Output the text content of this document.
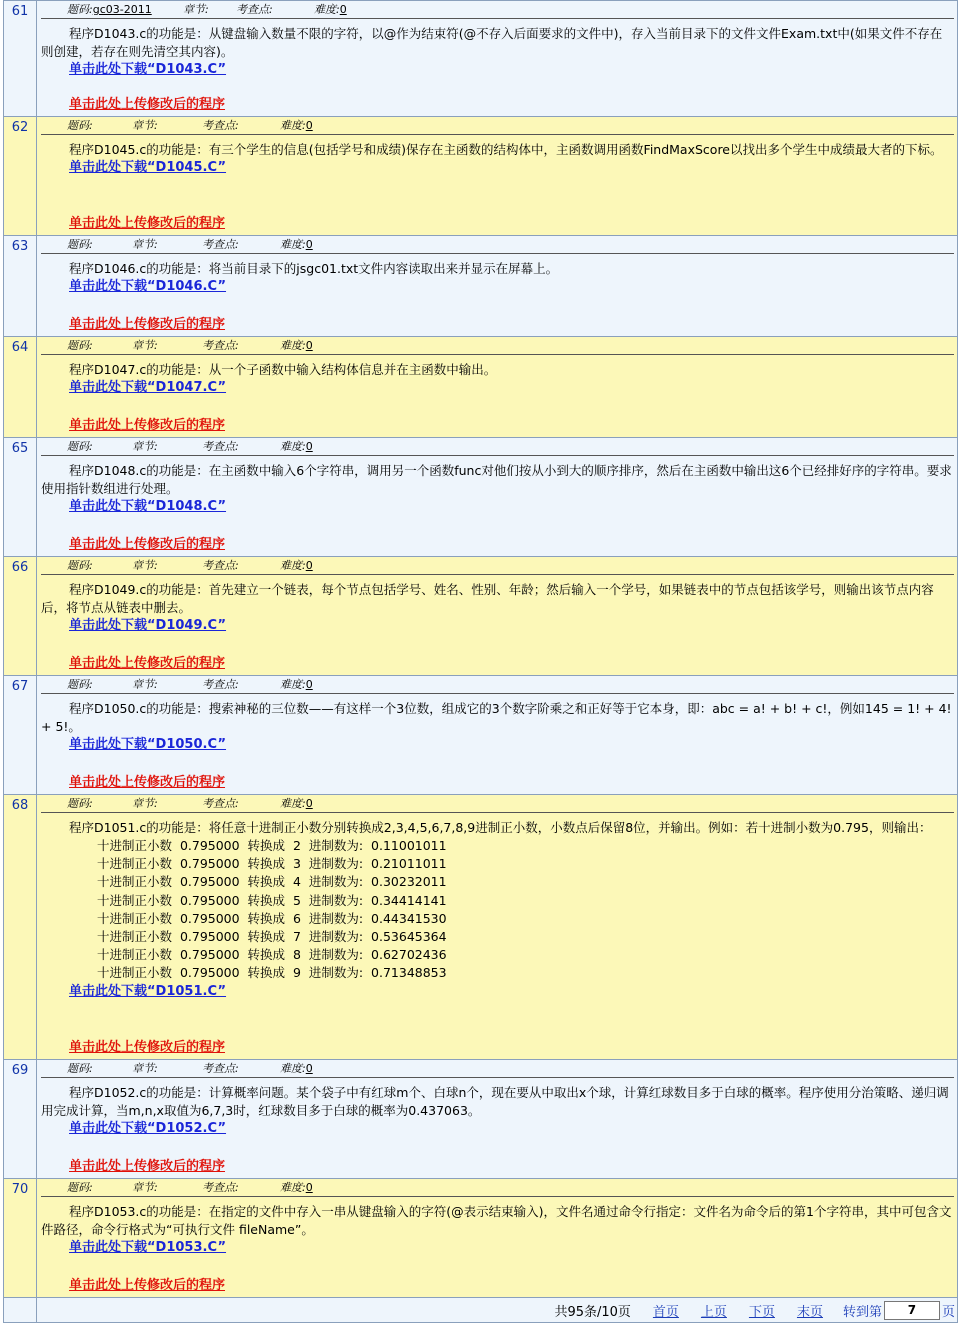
61	题码:gc03-2011	章节: 考查点:	难度:0
程序D1043.c的功能是：从键盘输入数量不限的字符，以@作为结束符(@不存入后面要求的文件中)，存入当前目录下的文件文件Exam.txt中(如果文件不存在则创建，若存在则先清空其内容)。
单击此处下载“D1043.C”
单击此处上传修改后的程序
62	题码:	章节:	考查点:	难度:0
程序D1045.c的功能是：有三个学生的信息(包括学号和成绩)保存在主函数的结构体中，主函数调用函数FindMaxScore以找出多个学生中成绩最大者的下标。
单击此处下载“D1045.C”
单击此处上传修改后的程序
63	题码:	章节:	考查点:	难度:0
程序D1046.c的功能是：将当前目录下的jsgc01.txt文件内容读取出来并显示在屏幕上。
单击此处下载“D1046.C”
单击此处上传修改后的程序
64	题码:	章节:	考查点:	难度:0
程序D1047.c的功能是：从一个子函数中输入结构体信息并在主函数中输出。
单击此处下载“D1047.C”
单击此处上传修改后的程序
65	题码:	章节:	考查点:	难度:0
程序D1048.c的功能是：在主函数中输入6个字符串，调用另一个函数func对他们按从小到大的顺序排序，然后在主函数中输出这6个已经排好序的字符串。要求使用指针数组进行处理。
单击此处下载“D1048.C”
单击此处上传修改后的程序
66	题码:	章节:	考查点:	难度:0
程序D1049.c的功能是：首先建立一个链表，每个节点包括学号、姓名、性别、年龄；然后输入一个学号，如果链表中的节点包括该学号，则输出该节点内容后，将节点从链表中删去。
单击此处下载“D1049.C”
单击此处上传修改后的程序
67	题码:	章节:	考查点:	难度:0
程序D1050.c的功能是：搜索神秘的三位数——有这样一个3位数，组成它的3个数字阶乘之和正好等于它本身，即：abc = a! + b! + c!，例如145 = 1! + 4! + 5!。
单击此处下载“D1050.C”
单击此处上传修改后的程序
68	题码:	章节:	考查点:	难度:0
程序D1051.c的功能是：将任意十进制正小数分别转换成2,3,4,5,6,7,8,9进制正小数，小数点后保留8位，并输出。例如：若十进制小数为0.795，则输出：
十进制正小数  0.795000  转换成  2  进制数为:  0.11001011
十进制正小数  0.795000  转换成  3  进制数为:  0.21011011
十进制正小数  0.795000  转换成  4  进制数为:  0.30232011
十进制正小数  0.795000  转换成  5  进制数为:  0.34414141
十进制正小数  0.795000  转换成  6  进制数为:  0.44341530
十进制正小数  0.795000  转换成  7  进制数为:  0.53645364
十进制正小数  0.795000  转换成  8  进制数为:  0.62702436
十进制正小数  0.795000  转换成  9  进制数为:  0.71348853
单击此处下载“D1051.C”
单击此处上传修改后的程序
69	题码:	章节:	考查点:	难度:0
程序D1052.c的功能是：计算概率问题。某个袋子中有红球m个、白球n个，现在要从中取出x个球，计算红球数目多于白球的概率。程序使用分治策略、递归调用完成计算，当m,n,x取值为6,7,3时，红球数目多于白球的概率为0.437063。
单击此处下载“D1052.C”
单击此处上传修改后的程序
70	题码:	章节:	考查点:	难度:0
程序D1053.c的功能是：在指定的文件中存入一串从键盘输入的字符(@表示结束输入)，文件名通过命令行指定：文件名为命令后的第1个字符串，其中可包含文件路径，命令行格式为“可执行文件 fileName”。
单击此处下载“D1053.C”
单击此处上传修改后的程序
共95条/10页 首页 上页 下页 末页 转到第
7	页
